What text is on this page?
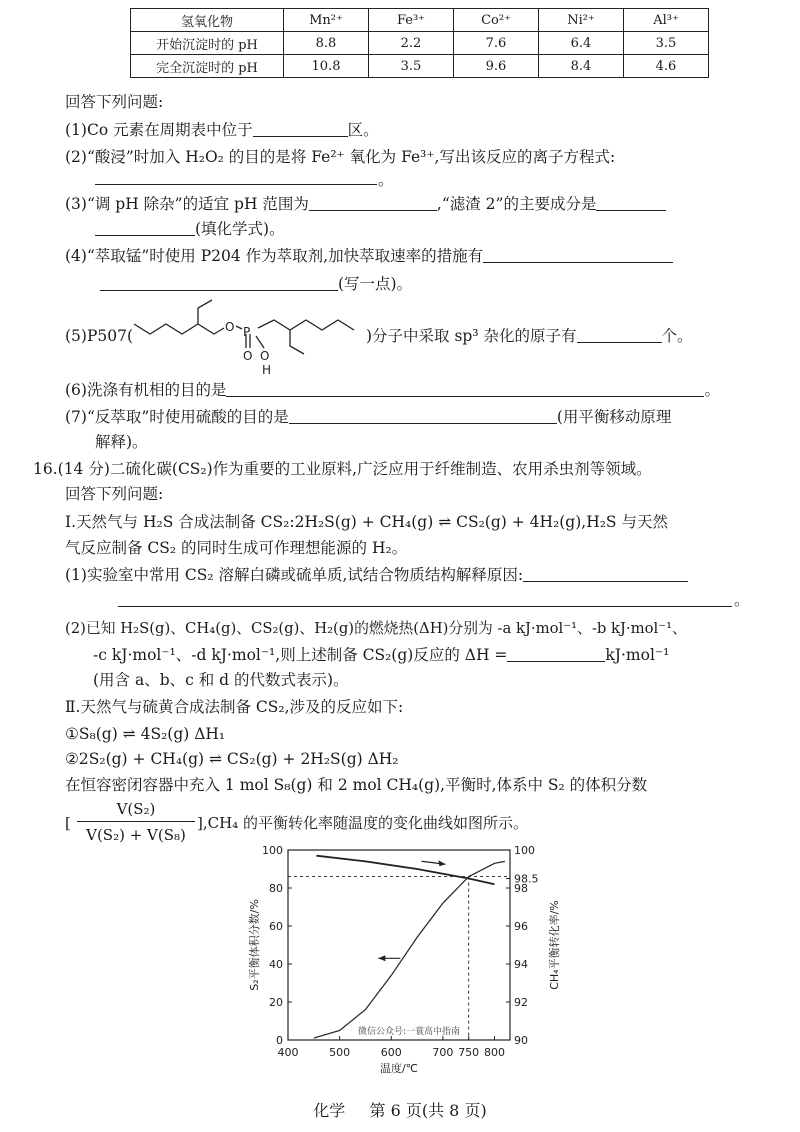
氢氧化物	Mn²⁺	Fe³⁺	Co²⁺	Ni²⁺	Al³⁺
开始沉淀时的 pH	8.8	2.2	7.6	6.4	3.5
完全沉淀时的 pH	10.8	3.5	9.6	8.4	4.6
回答下列问题:
(1)Co 元素在周期表中位于	区。
(2)“酸浸”时加入 H₂O₂ 的目的是将 Fe²⁺ 氧化为 Fe³⁺,写出该反应的离子方程式:
。
(3)“调 pH 除杂”的适宜 pH 范围为	,“滤渣 2”的主要成分是
(填化学式)。
(4)“萃取锰”时使用 P204 作为萃取剂,加快萃取速率的措施有
(写一点)。
(5)P507(	O P
O O
H
)分子中采取 sp³ 杂化的原子有	个。
(6)洗涤有机相的目的是	。
(7)“反萃取”时使用硫酸的目的是	(用平衡移动原理
解释)。
16.(14 分)二硫化碳(CS₂)作为重要的工业原料,广泛应用于纤维制造、农用杀虫剂等领域。
回答下列问题:
Ⅰ.天然气与 H₂S 合成法制备 CS₂:2H₂S(g) + CH₄(g) ⇌ CS₂(g) + 4H₂(g),H₂S 与天然
气反应制备 CS₂ 的同时生成可作理想能源的 H₂。
(1)实验室中常用 CS₂ 溶解白磷或硫单质,试结合物质结构解释原因:
。
(2)已知 H₂S(g)、CH₄(g)、CS₂(g)、H₂(g)的燃烧热(ΔH)分别为 -a kJ·mol⁻¹、-b kJ·mol⁻¹、
-c kJ·mol⁻¹、-d kJ·mol⁻¹,则上述制备 CS₂(g)反应的 ΔH =	kJ·mol⁻¹
(用含 a、b、c 和 d 的代数式表示)。
Ⅱ.天然气与硫黄合成法制备 CS₂,涉及的反应如下:
①S₈(g) ⇌ 4S₂(g) ΔH₁
②2S₂(g) + CH₄(g) ⇌ CS₂(g) + 2H₂S(g) ΔH₂
在恒容密闭容器中充入 1 mol S₈(g) 和 2 mol CH₄(g),平衡时,体系中 S₂ 的体积分数
[
V(S₂)
V(S₂) + V(S₈)
],CH₄ 的平衡转化率随温度的变化曲线如图所示。
400	500	600	700 750 800
0
20
40
60
80
100
90
92
94
96
98
98.5
100
温度/℃
S₂平衡体积分数/%	CH₄平衡转化率/%
微信公众号:一蓑高中指南
化学 第 6 页(共 8 页)
